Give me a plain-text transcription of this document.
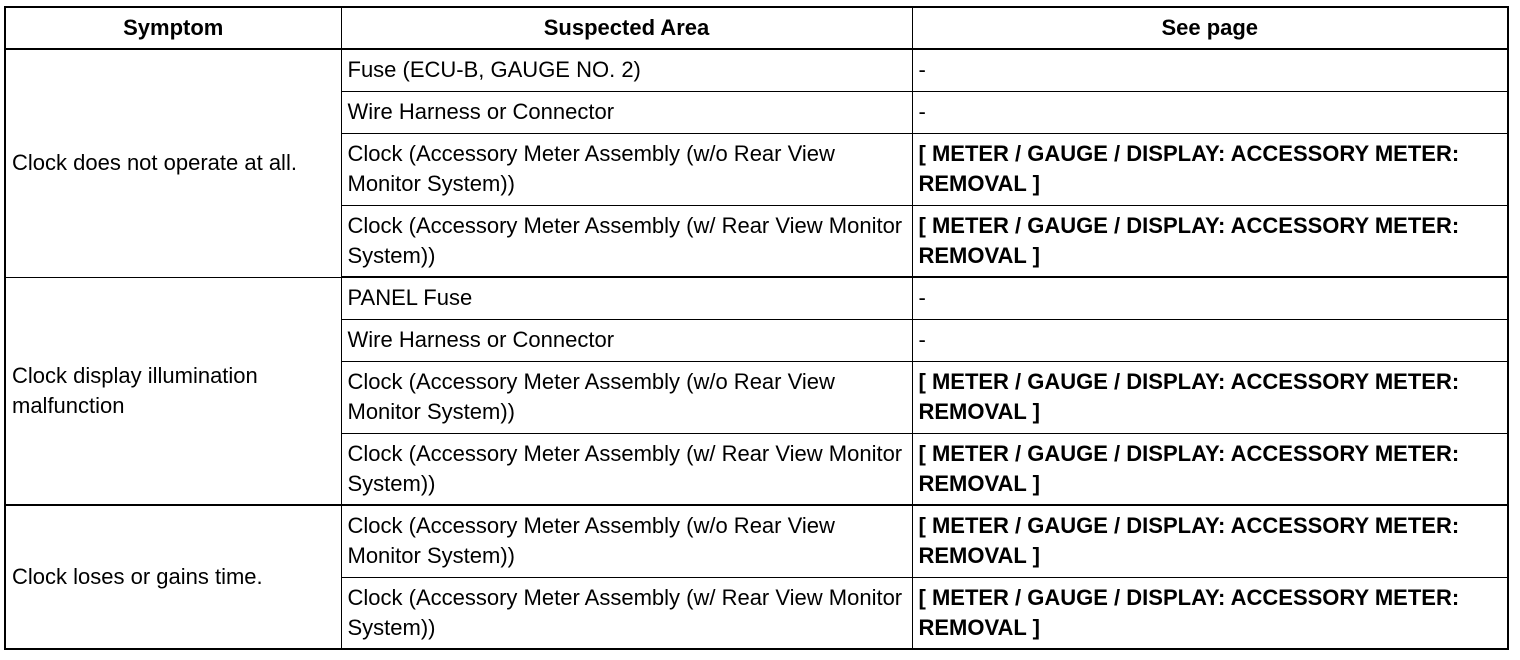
Symptom	Suspected Area	See page
Clock does not operate at all.	Fuse (ECU-B, GAUGE NO. 2)	-
	Wire Harness or Connector	-
	Clock (Accessory Meter Assembly (w/o Rear View Monitor System))	[ METER / GAUGE / DISPLAY: ACCESSORY METER: REMOVAL ]
	Clock (Accessory Meter Assembly (w/ Rear View Monitor System))	[ METER / GAUGE / DISPLAY: ACCESSORY METER: REMOVAL ]
Clock display illumination malfunction	PANEL Fuse	-
	Wire Harness or Connector	-
	Clock (Accessory Meter Assembly (w/o Rear View Monitor System))	[ METER / GAUGE / DISPLAY: ACCESSORY METER: REMOVAL ]
	Clock (Accessory Meter Assembly (w/ Rear View Monitor System))	[ METER / GAUGE / DISPLAY: ACCESSORY METER: REMOVAL ]
Clock loses or gains time.	Clock (Accessory Meter Assembly (w/o Rear View Monitor System))	[ METER / GAUGE / DISPLAY: ACCESSORY METER: REMOVAL ]
	Clock (Accessory Meter Assembly (w/ Rear View Monitor System))	[ METER / GAUGE / DISPLAY: ACCESSORY METER: REMOVAL ]
